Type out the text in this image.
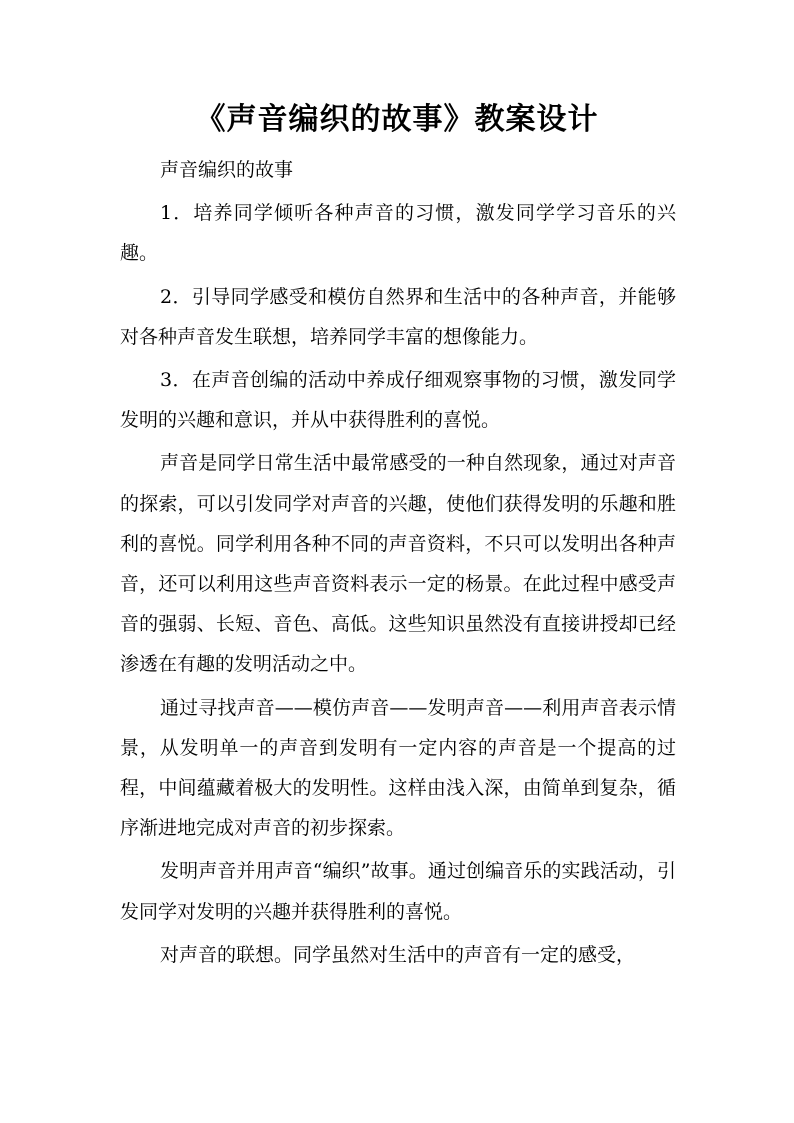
《声音编织的故事》教案设计

声音编织的故事

1．培养同学倾听各种声音的习惯，激发同学学习音乐的兴趣。

2．引导同学感受和模仿自然界和生活中的各种声音，并能够对各种声音发生联想，培养同学丰富的想像能力。

3．在声音创编的活动中养成仔细观察事物的习惯，激发同学发明的兴趣和意识，并从中获得胜利的喜悦。

声音是同学日常生活中最常感受的一种自然现象，通过对声音的探索，可以引发同学对声音的兴趣，使他们获得发明的乐趣和胜利的喜悦。同学利用各种不同的声音资料，不只可以发明出各种声音，还可以利用这些声音资料表示一定的杨景。在此过程中感受声音的强弱、长短、音色、高低。这些知识虽然没有直接讲授却已经渗透在有趣的发明活动之中。

通过寻找声音——模仿声音——发明声音——利用声音表示情景，从发明单一的声音到发明有一定内容的声音是一个提高的过程，中间蕴藏着极大的发明性。这样由浅入深，由简单到复杂，循序渐进地完成对声音的初步探索。

发明声音并用声音“编织”故事。通过创编音乐的实践活动，引发同学对发明的兴趣并获得胜利的喜悦。

对声音的联想。同学虽然对生活中的声音有一定的感受，
